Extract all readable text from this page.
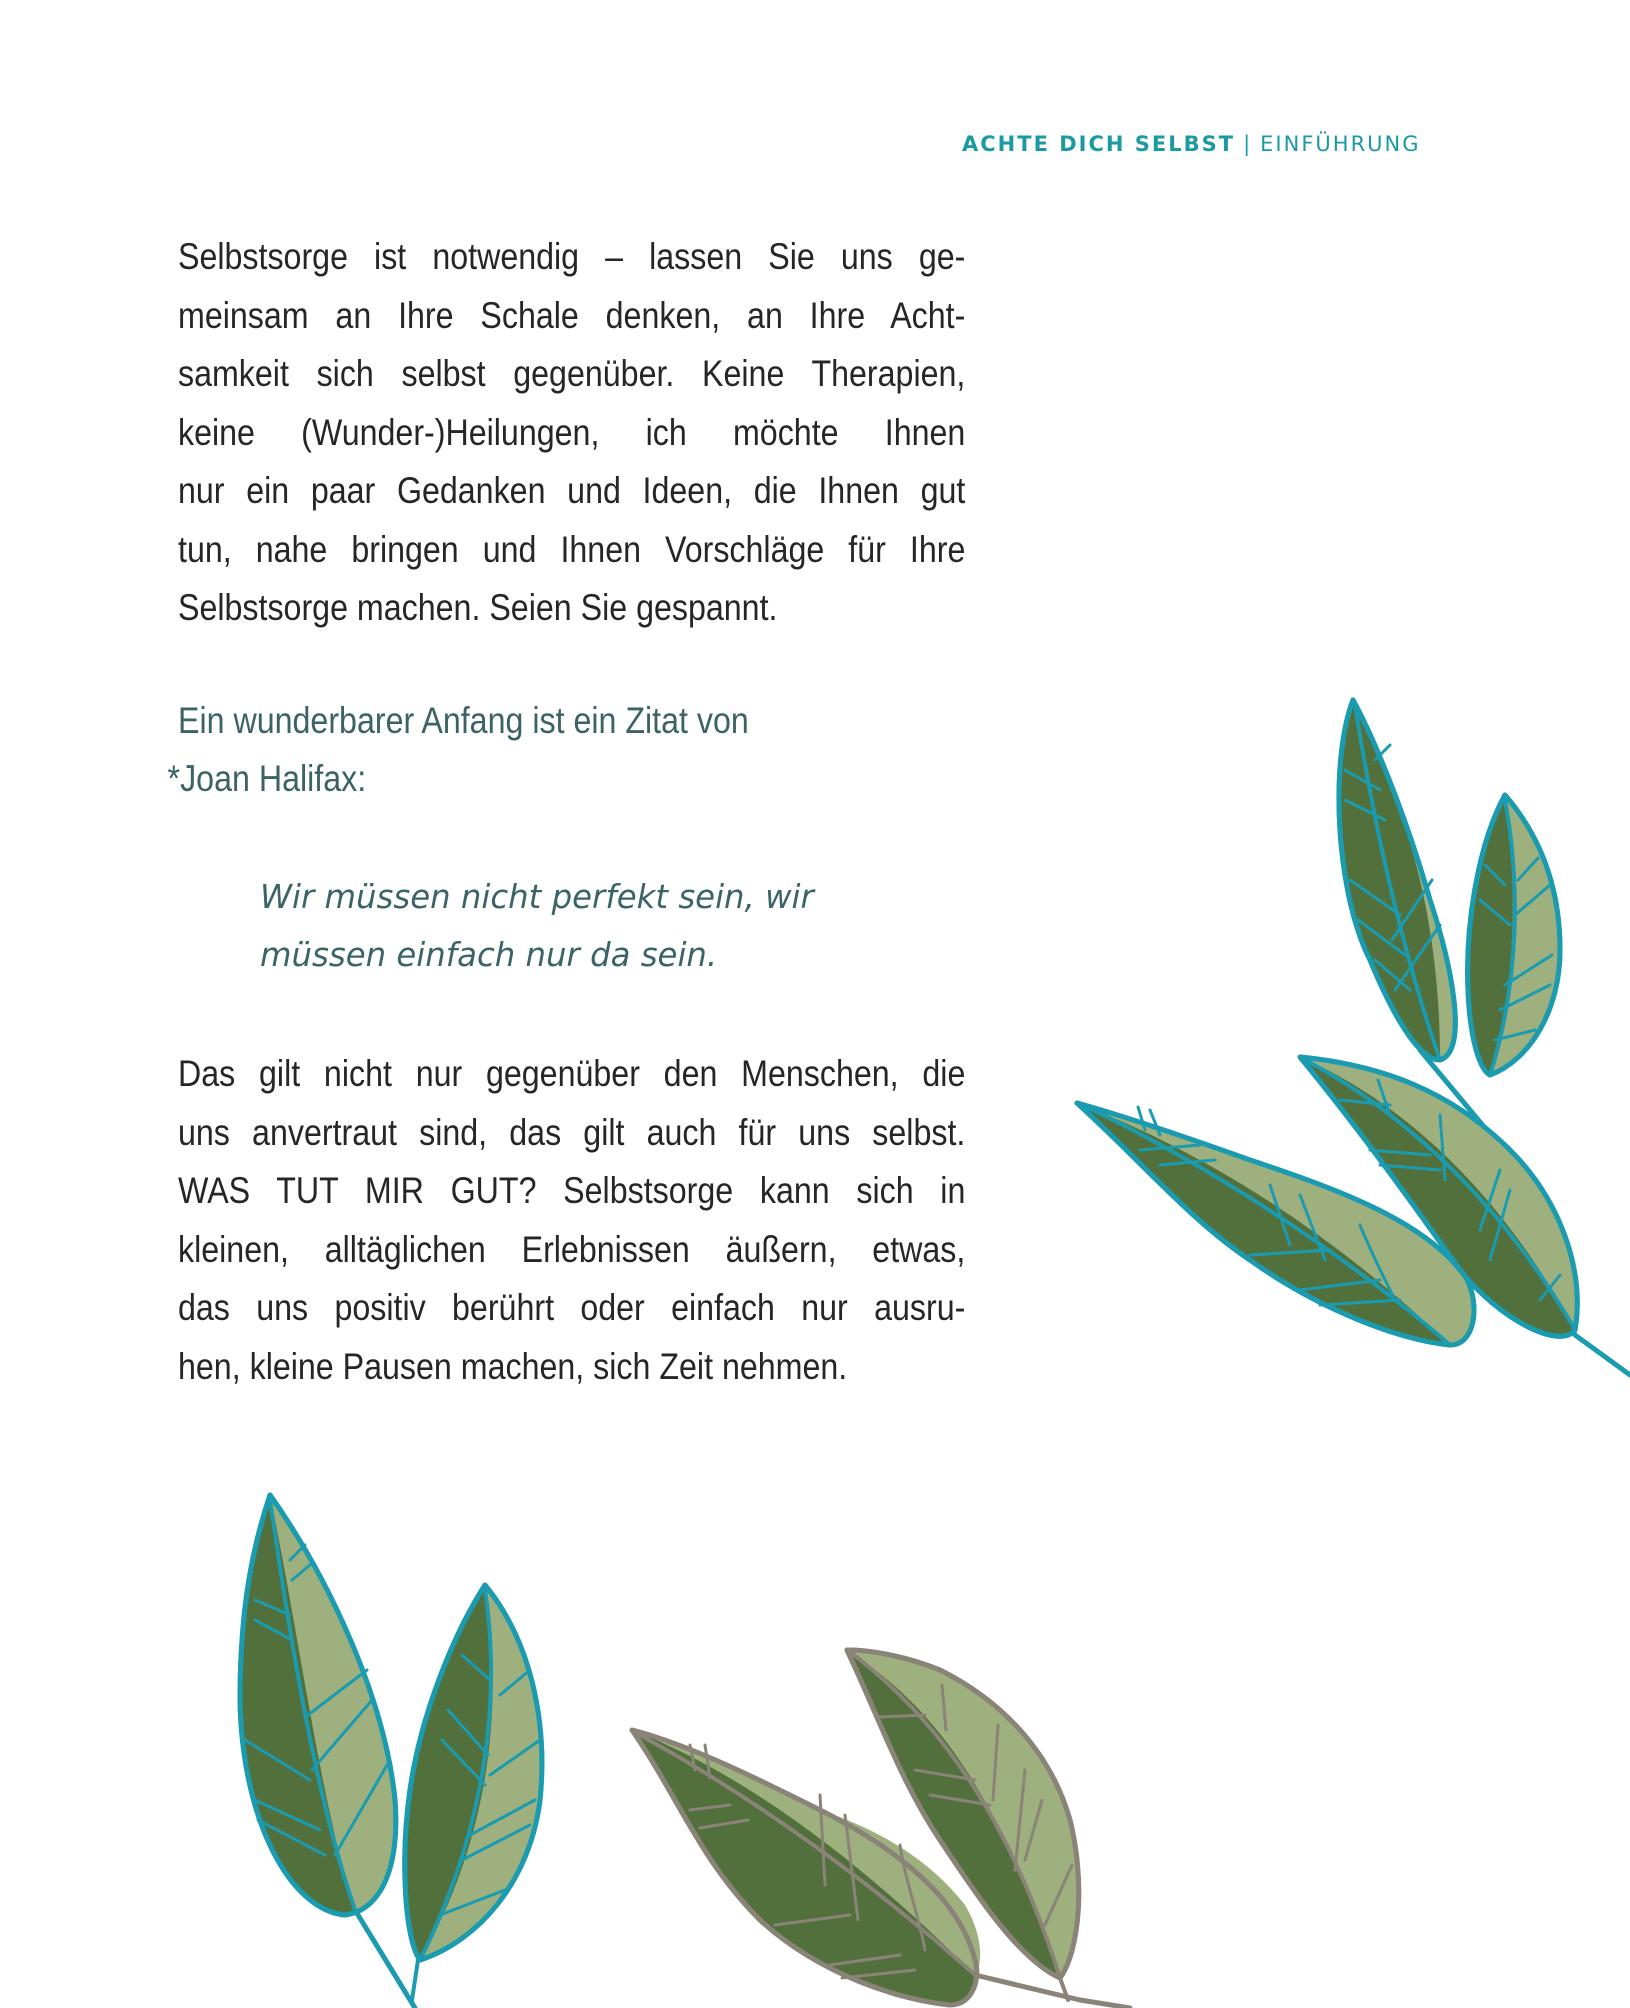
ACHTE DICH SELBST | EINFÜHRUNG

Selbstsorge ist notwendig – lassen Sie uns ge-

meinsam an Ihre Schale denken, an Ihre Acht-

samkeit sich selbst gegenüber. Keine Therapien,

keine (Wunder-)Heilungen, ich möchte Ihnen

nur ein paar Gedanken und Ideen, die Ihnen gut

tun, nahe bringen und Ihnen Vorschläge für Ihre

Selbstsorge machen. Seien Sie gespannt.

Ein wunderbarer Anfang ist ein Zitat von
*Joan Halifax:
Wir müssen nicht perfekt sein, wir
müssen einfach nur da sein.

Das gilt nicht nur gegenüber den Menschen, die

uns anvertraut sind, das gilt auch für uns selbst.

WAS TUT MIR GUT? Selbstsorge kann sich in

kleinen, alltäglichen Erlebnissen äußern, etwas,

das uns positiv berührt oder einfach nur ausru-

hen, kleine Pausen machen, sich Zeit nehmen.
